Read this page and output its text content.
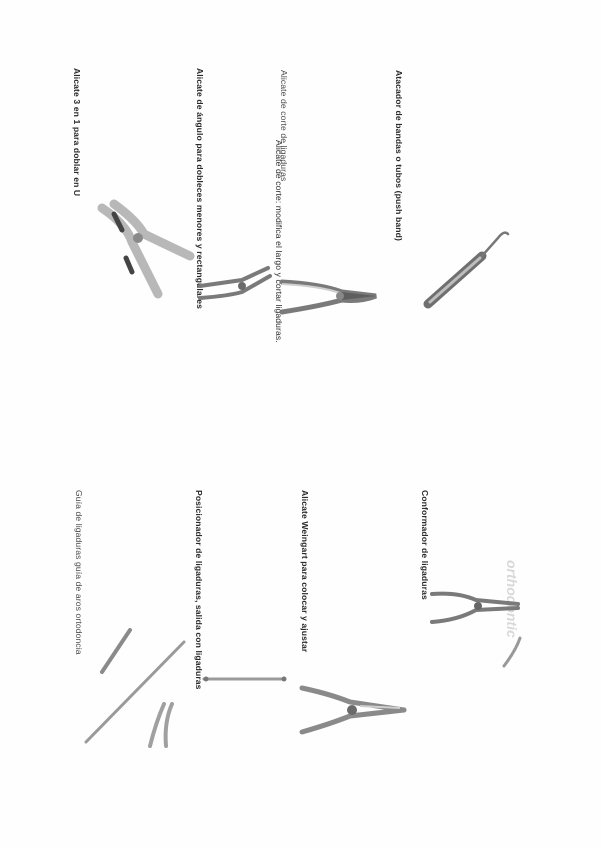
Atacador de bandas o tubos (push band)
Alicate de corte de ligaduras
Alicate de corte: modifica el largo y cortar ligaduras.
Alicate de ángulo para dobleces menores y rectangulares
Alicate 3 en 1 para doblar en U
Conformador de ligaduras	orthodontic
Alicate Weingart para colocar y ajustar
Posicionador de ligaduras, salida con ligaduras
Guía de ligaduras guía de aros ortodoncia
